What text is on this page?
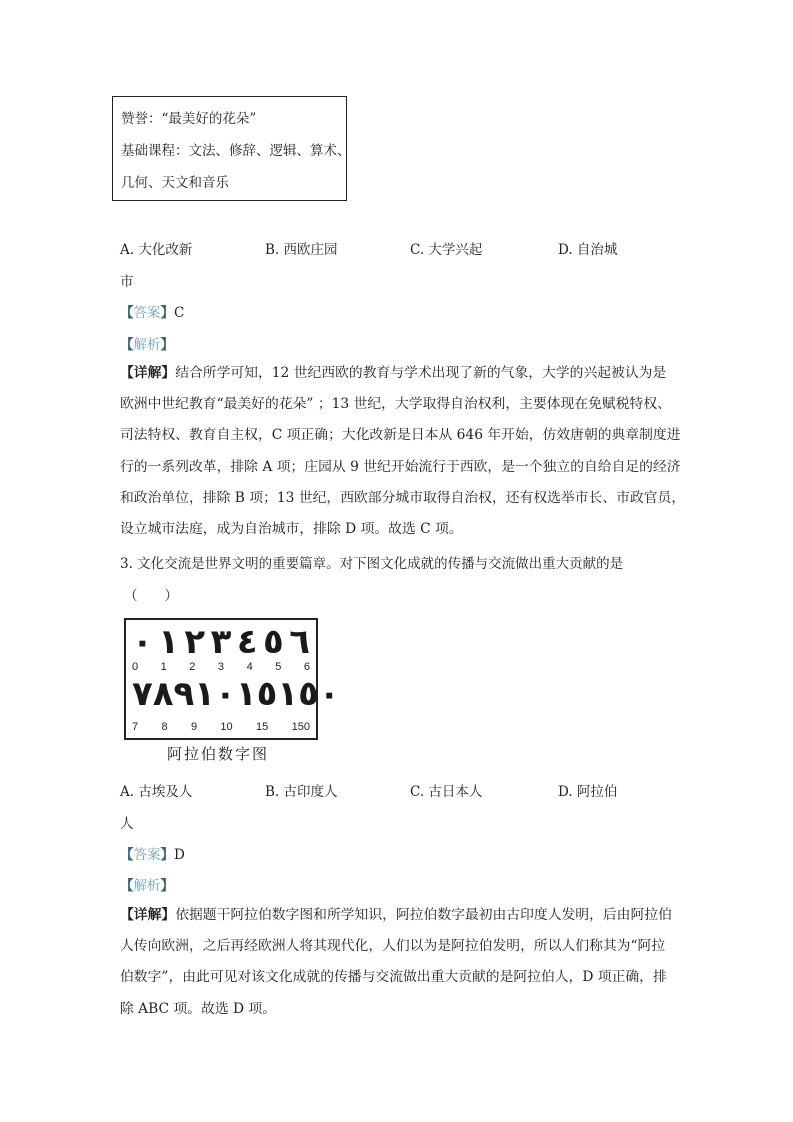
赞誉：“最美好的花朵”
基础课程：文法、修辞、逻辑、算术、
几何、天文和音乐
A. 大化改新	B. 西欧庄园	C. 大学兴起	D. 自治城
市
【答案】C
【解析】
【详解】结合所学可知，12 世纪西欧的教育与学术出现了新的气象，大学的兴起被认为是
欧洲中世纪教育“最美好的花朵” ；13 世纪，大学取得自治权利，主要体现在免赋税特权、
司法特权、教育自主权，C 项正确；大化改新是日本从 646 年开始，仿效唐朝的典章制度进
行的一系列改革，排除 A 项；庄园从 9 世纪开始流行于西欧，是一个独立的自给自足的经济
和政治单位，排除 B 项；13 世纪，西欧部分城市取得自治权，还有权选举市长、市政官员，
设立城市法庭，成为自治城市，排除 D 项。故选 C 项。
3. 文化交流是世界文明的重要篇章。对下图文化成就的传播与交流做出重大贡献的是
（　　）
٠ ١ ٢ ٣ ٤ ٥ ٦
0 1 2 3 4 5 6
٧ ٨ ٩ ١٠ ١٥ ١٥٠
7 8 9 10 15 150
阿拉伯数字图
A. 古埃及人	B. 古印度人	C. 古日本人	D. 阿拉伯
人
【答案】D
【解析】
【详解】依据题干阿拉伯数字图和所学知识，阿拉伯数字最初由古印度人发明，后由阿拉伯
人传向欧洲，之后再经欧洲人将其现代化，人们以为是阿拉伯发明，所以人们称其为“阿拉
伯数字”，由此可见对该文化成就的传播与交流做出重大贡献的是阿拉伯人，D 项正确，排
除 ABC 项。故选 D 项。
